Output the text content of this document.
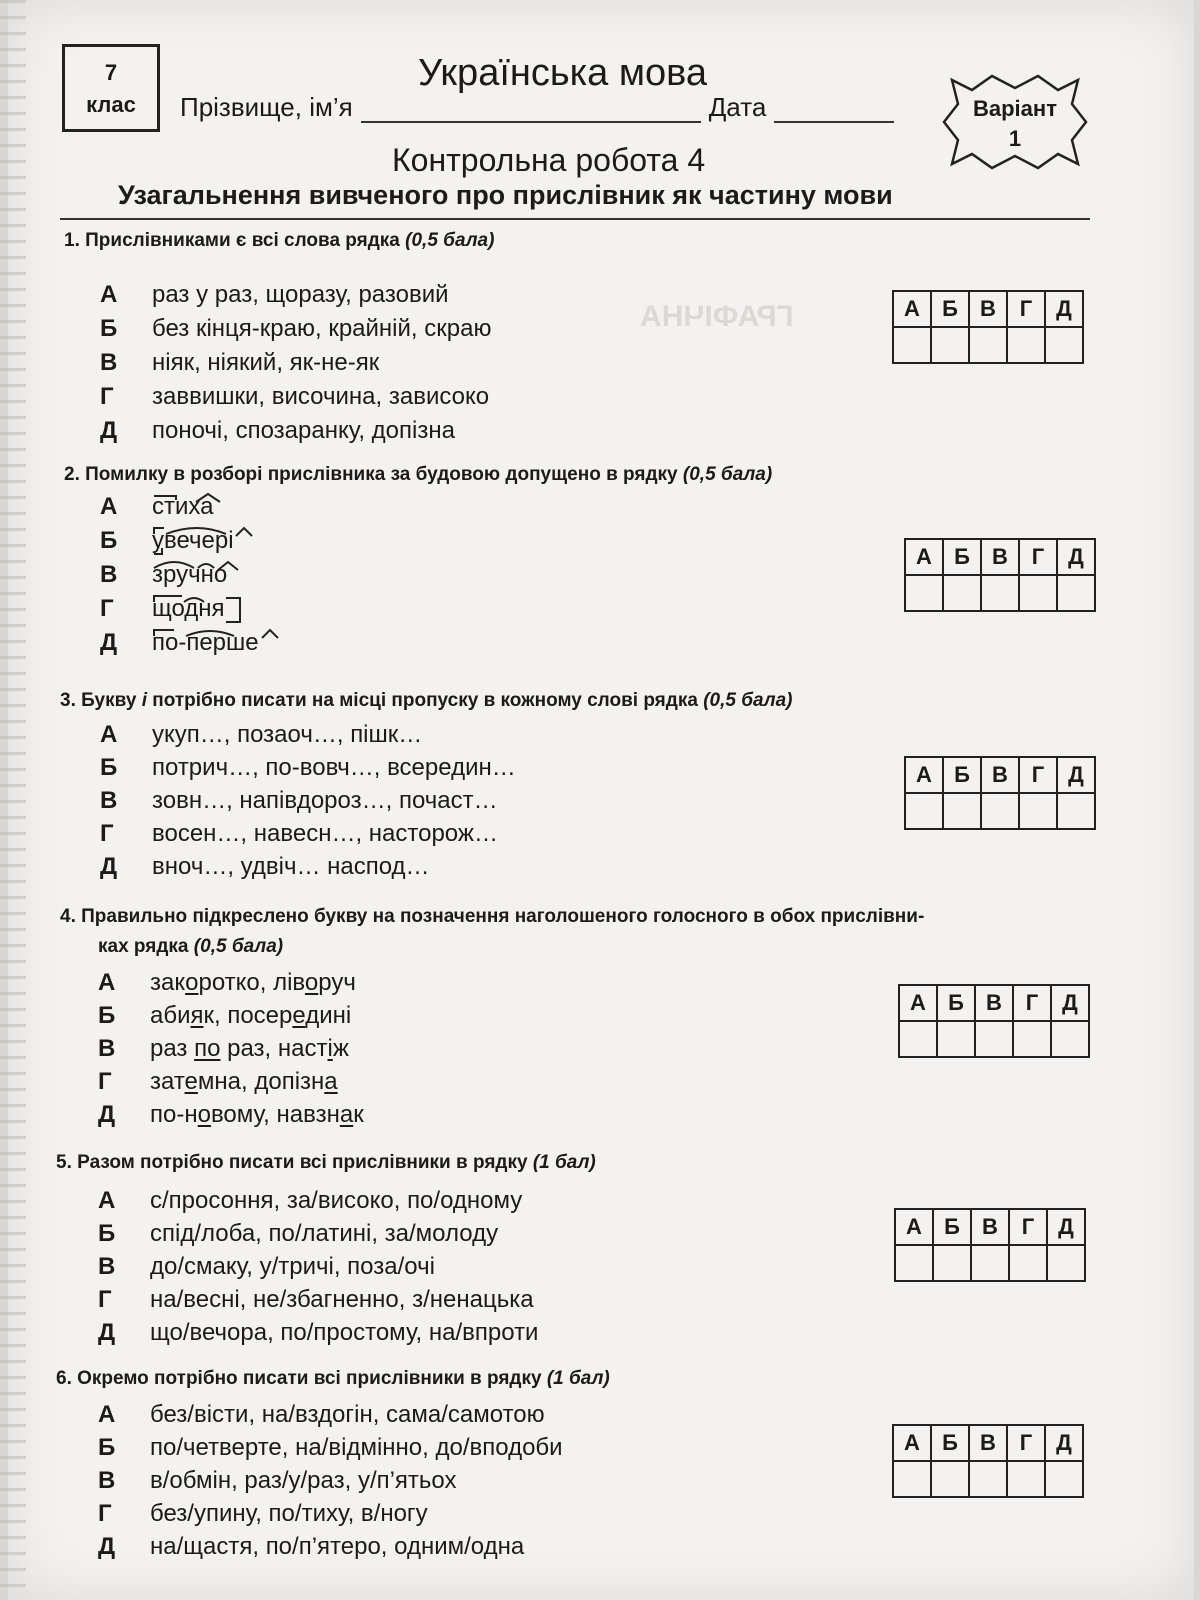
ГРАФІЧНА
7
клас
Українська мова
Прізвище, ім’я	Дата	Варіант
1
Контрольна робота 4
Узагальнення вивченого про прислівник як частину мови
1. Прислівниками є всі слова рядка (0,5 бала)
А	раз у раз, щоразу, разовий
Б	без кінця-краю, крайній, скраю
В	ніяк, ніякий, як-не-як
Г	заввишки, височина, зависоко
Д	поночі, спозаранку, допізна
А	Б	В	Г	Д

2. Помилку в розборі прислівника за будовою допущено в рядку (0,5 бала)
А	стиха
Б	увечері
В	зручно
Г	щодня
Д	по-перше
А	Б	В	Г	Д

3. Букву і потрібно писати на місці пропуску в кожному слові рядка (0,5 бала)
А	укуп…, позаоч…, пішк…
Б	потрич…, по-вовч…, всередин…
В	зовн…, напівдороз…, почаст…
Г	восен…, навесн…, насторож…
Д	вноч…, удвіч… наспод…
А	Б	В	Г	Д

4. Правильно підкреслено букву на позначення наголошеного голосного в обох прислівни-
ках рядка (0,5 бала)
А	закоротко, ліворуч
Б	абияк, посередині
В	раз по раз, настіж
Г	затемна, допізна
Д	по-новому, навзнак
А	Б	В	Г	Д

5. Разом потрібно писати всі прислівники в рядку (1 бал)
А	с/просоння, за/високо, по/одному
Б	спід/лоба, по/латині, за/молоду
В	до/смаку, у/тричі, поза/очі
Г	на/весні, не/збагненно, з/ненацька
Д	що/вечора, по/простому, на/впроти
А	Б	В	Г	Д

6. Окремо потрібно писати всі прислівники в рядку (1 бал)
А	без/вісти, на/вздогін, сама/самотою
Б	по/четверте, на/відмінно, до/вподоби
В	в/обмін, раз/у/раз, у/п’ятьох
Г	без/упину, по/тиху, в/ногу
Д	на/щастя, по/п’ятеро, одним/одна
А	Б	В	Г	Д
